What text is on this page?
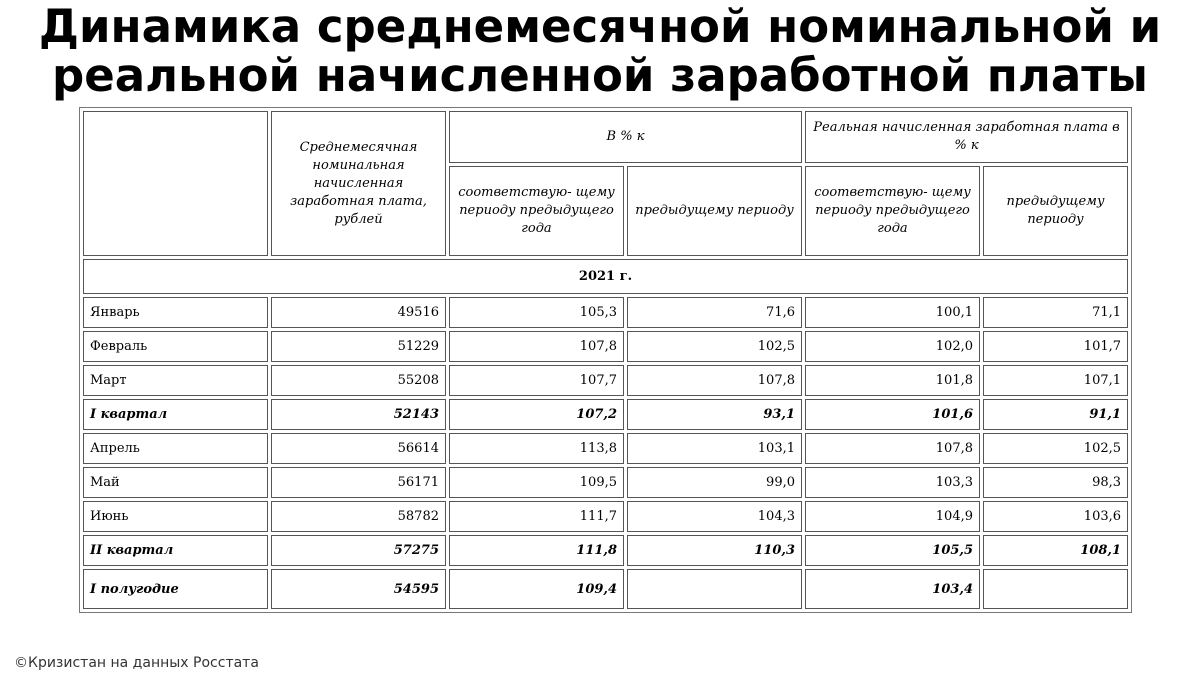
Динамика среднемесячной номинальной и
реальной начисленной заработной платы
	Среднемесячная номинальная начисленная заработная плата, рублей	В % к		Реальная начисленная заработная плата в % к	
		соответствую- щему периоду предыдущего года	предыдущему периоду	соответствую- щему периоду предыдущего года	предыдущему периоду
2021 г.					
Январь	49516	105,3	71,6	100,1	71,1
Февраль	51229	107,8	102,5	102,0	101,7
Март	55208	107,7	107,8	101,8	107,1
I квартал	52143	107,2	93,1	101,6	91,1
Апрель	56614	113,8	103,1	107,8	102,5
Май	56171	109,5	99,0	103,3	98,3
Июнь	58782	111,7	104,3	104,9	103,6
II квартал	57275	111,8	110,3	105,5	108,1
I полугодие	54595	109,4		103,4	
©Кризистан на данных Росстата
